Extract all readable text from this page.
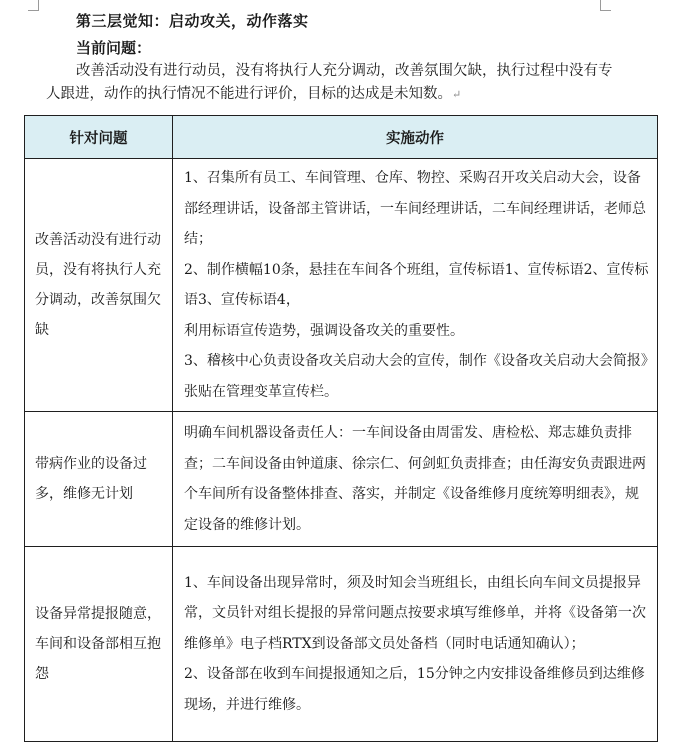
第三层觉知：启动攻关，动作落实
当前问题：
改善活动没有进行动员，没有将执行人充分调动，改善氛围欠缺，执行过程中没有专人跟进，动作的执行情况不能进行评价，目标的达成是未知数。↵
针对问题	实施动作
改善活动没有进行动员，没有将执行人充分调动，改善氛围欠缺	1、召集所有员工、车间管理、仓库、物控、采购召开攻关启动大会，设备部经理讲话，设备部主管讲话，一车间经理讲话，二车间经理讲话，老师总结；

2、制作横幅10条，悬挂在车间各个班组，宣传标语1、宣传标语2、宣传标语3、宣传标语4，

利用标语宣传造势，强调设备攻关的重要性。

3、稽核中心负责设备攻关启动大会的宣传，制作《设备攻关启动大会简报》张贴在管理变革宣传栏。

带病作业的设备过多，维修无计划	明确车间机器设备责任人：一车间设备由周雷发、唐检松、郑志雄负责排查；二车间设备由钟道康、徐宗仁、何剑虹负责排查；由任海安负责跟进两个车间所有设备整体排查、落实，并制定《设备维修月度统筹明细表》，规定设备的维修计划。

设备异常提报随意，车间和设备部相互抱怨	1、车间设备出现异常时，须及时知会当班组长，由组长向车间文员提报异常，文员针对组长提报的异常问题点按要求填写维修单，并将《设备第一次维修单》电子档RTX到设备部文员处备档（同时电话通知确认）；

2、设备部在收到车间提报通知之后，15分钟之内安排设备维修员到达维修现场，并进行维修。
